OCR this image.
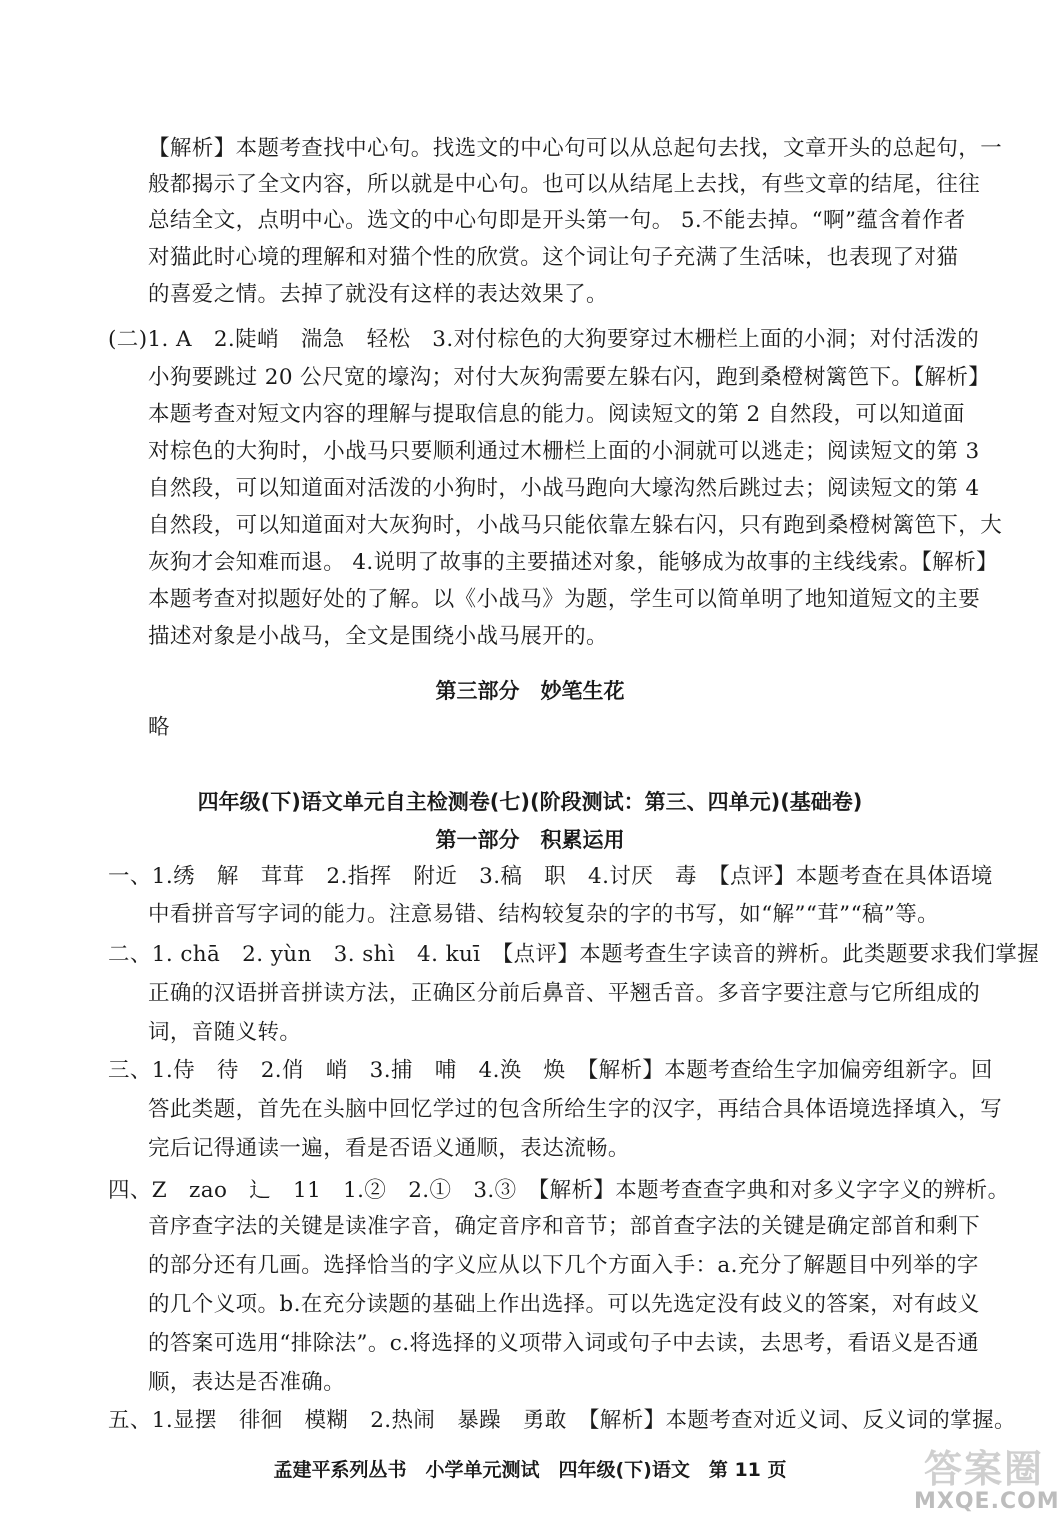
【解析】本题考查找中心句。找选文的中心句可以从总起句去找，文章开头的总起句，一
般都揭示了全文内容，所以就是中心句。也可以从结尾上去找，有些文章的结尾，往往
总结全文，点明中心。选文的中心句即是开头第一句。 5.不能去掉。“啊”蕴含着作者
对猫此时心境的理解和对猫个性的欣赏。这个词让句子充满了生活味，也表现了对猫
的喜爱之情。去掉了就没有这样的表达效果了。
(二)1. A　2.陡峭　湍急　轻松　3.对付棕色的大狗要穿过木栅栏上面的小洞；对付活泼的
小狗要跳过 20 公尺宽的壕沟；对付大灰狗需要左躲右闪，跑到桑橙树篱笆下。【解析】
本题考查对短文内容的理解与提取信息的能力。阅读短文的第 2 自然段，可以知道面
对棕色的大狗时，小战马只要顺利通过木栅栏上面的小洞就可以逃走；阅读短文的第 3
自然段，可以知道面对活泼的小狗时，小战马跑向大壕沟然后跳过去；阅读短文的第 4
自然段，可以知道面对大灰狗时，小战马只能依靠左躲右闪，只有跑到桑橙树篱笆下，大
灰狗才会知难而退。 4.说明了故事的主要描述对象，能够成为故事的主线线索。【解析】
本题考查对拟题好处的了解。以《小战马》为题，学生可以简单明了地知道短文的主要
描述对象是小战马，全文是围绕小战马展开的。
第三部分　妙笔生花
略
四年级(下)语文单元自主检测卷(七)(阶段测试：第三、四单元)(基础卷)
第一部分　积累运用
一、1.绣　解　茸茸　2.指挥　附近　3.稿　职　4.讨厌　毒　【点评】本题考查在具体语境
中看拼音写字词的能力。注意易错、结构较复杂的字的书写，如“解”“茸”“稿”等。
二、1. chā　2. yùn　3. shì　4. kuī　【点评】本题考查生字读音的辨析。此类题要求我们掌握
正确的汉语拼音拼读方法，正确区分前后鼻音、平翘舌音。多音字要注意与它所组成的
词，音随义转。
三、1.侍　待　2.俏　峭　3.捕　哺　4.涣　焕　【解析】本题考查给生字加偏旁组新字。回
答此类题，首先在头脑中回忆学过的包含所给生字的汉字，再结合具体语境选择填入，写
完后记得通读一遍，看是否语义通顺，表达流畅。
四、Z　zao　辶　11　1.②　2.①　3.③　【解析】本题考查查字典和对多义字字义的辨析。
音序查字法的关键是读准字音，确定音序和音节；部首查字法的关键是确定部首和剩下
的部分还有几画。选择恰当的字义应从以下几个方面入手：a.充分了解题目中列举的字
的几个义项。b.在充分读题的基础上作出选择。可以先选定没有歧义的答案，对有歧义
的答案可选用“排除法”。c.将选择的义项带入词或句子中去读，去思考，看语义是否通
顺，表达是否准确。
五、1.显摆　徘徊　模糊　2.热闹　暴躁　勇敢　【解析】本题考查对近义词、反义词的掌握。
孟建平系列丛书　小学单元测试　四年级(下)语文　第 11 页	答案圈
MXQE.COM
